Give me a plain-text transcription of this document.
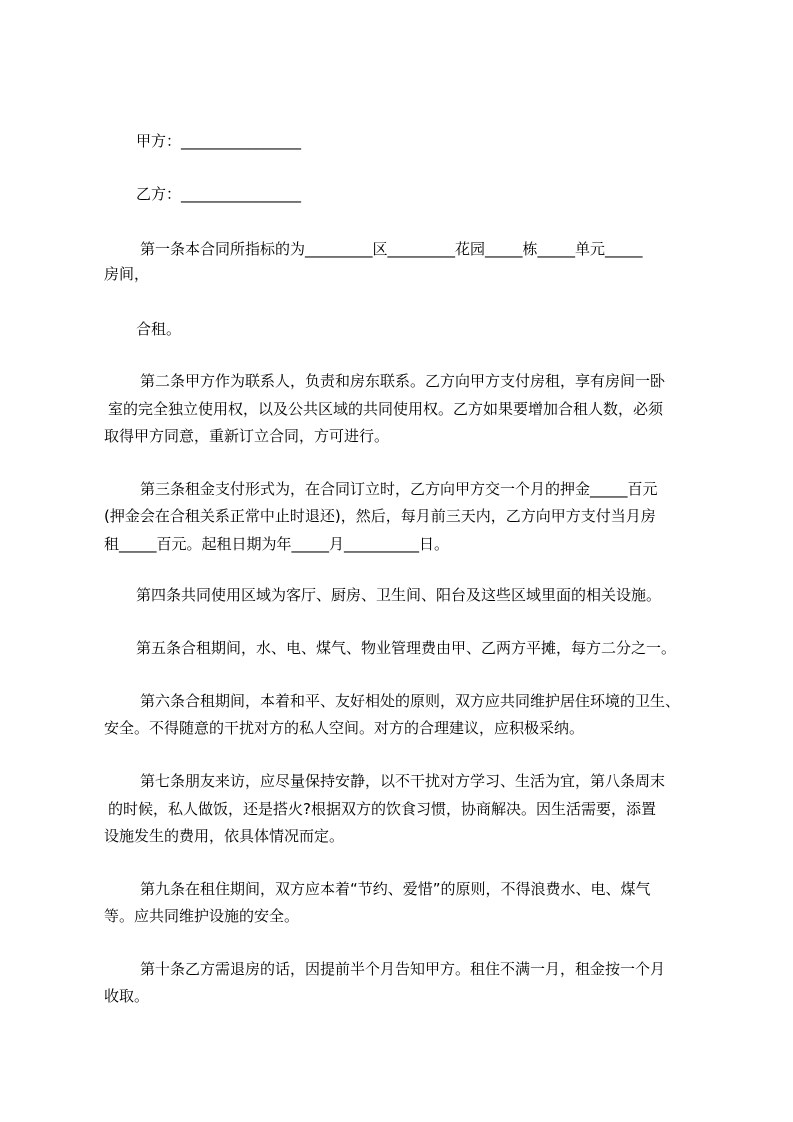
甲方：________________
乙方：________________
第一条本合同所指标的为_________区_________花园_____栋_____单元_____
房间，
合租。
第二条甲方作为联系人，负责和房东联系。乙方向甲方支付房租，享有房间一卧
室的完全独立使用权，以及公共区域的共同使用权。乙方如果要增加合租人数，必须
取得甲方同意，重新订立合同，方可进行。
第三条租金支付形式为，在合同订立时，乙方向甲方交一个月的押金_____百元
(押金会在合租关系正常中止时退还)，然后，每月前三天内，乙方向甲方支付当月房
租_____百元。起租日期为年_____月__________日。
第四条共同使用区域为客厅、厨房、卫生间、阳台及这些区域里面的相关设施。
第五条合租期间，水、电、煤气、物业管理费由甲、乙两方平摊，每方二分之一。
第六条合租期间，本着和平、友好相处的原则，双方应共同维护居住环境的卫生、
安全。不得随意的干扰对方的私人空间。对方的合理建议，应积极采纳。
第七条朋友来访，应尽量保持安静，以不干扰对方学习、生活为宜，第八条周末
的时候，私人做饭，还是搭火?根据双方的饮食习惯，协商解决。因生活需要，添置
设施发生的费用，依具体情况而定。
第九条在租住期间，双方应本着“节约、爱惜”的原则，不得浪费水、电、煤气
等。应共同维护设施的安全。
第十条乙方需退房的话，因提前半个月告知甲方。租住不满一月，租金按一个月
收取。
